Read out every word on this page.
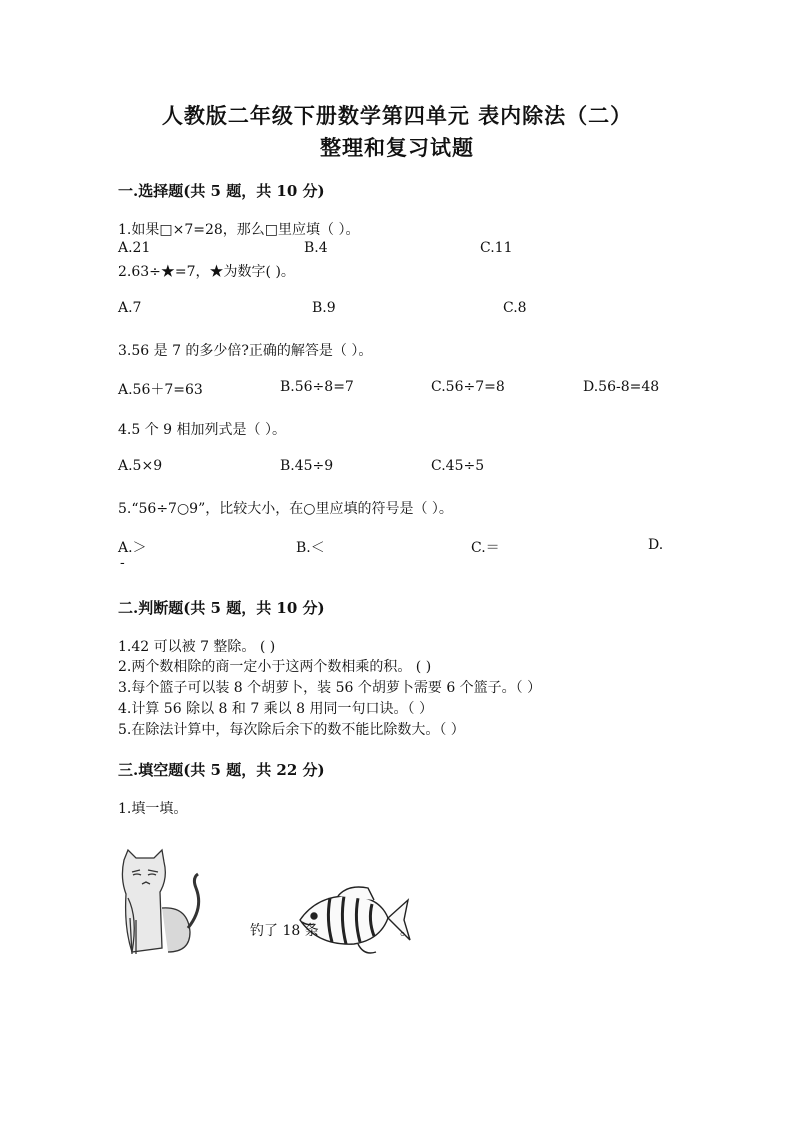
人教版二年级下册数学第四单元 表内除法（二）
整理和复习试题
一.选择题(共 5 题，共 10 分)
1.如果□×7=28，那么□里应填（ ）。
A.21	B.4	C.11
2.63÷★=7，★为数字( )。
A.7	B.9	C.8
3.56 是 7 的多少倍?正确的解答是（ ）。
A.56＋7=63	B.56÷8=7	C.56÷7=8	D.56-8=48
4.5 个 9 相加列式是（ ）。
A.5×9	B.45÷9	C.45÷5
5.“56÷7○9”，比较大小，在○里应填的符号是（ ）。
A.＞	B.＜	C.＝	D.
-
二.判断题(共 5 题，共 10 分)
1.42 可以被 7 整除。 ( )
2.两个数相除的商一定小于这两个数相乘的积。 ( )
3.每个篮子可以装 8 个胡萝卜，装 56 个胡萝卜需要 6 个篮子。（ ）
4.计算 56 除以 8 和 7 乘以 8 用同一句口诀。（ ）
5.在除法计算中，每次除后余下的数不能比除数大。（ ）
三.填空题(共 5 题，共 22 分)
1.填一填。
钓了 18 条	。
